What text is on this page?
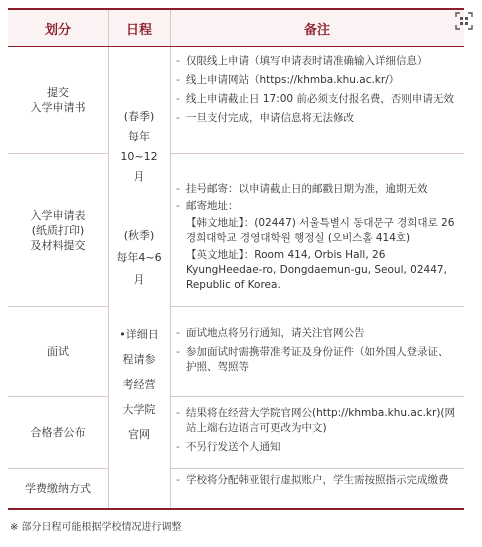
划分	日程	备注
提交
入学申请书
入学申请表
(纸质打印)
及材料提交
面试
合格者公布
学费缴纳方式
(春季)
每年
10~12
月
(秋季)
每年4~6
月
•详细日
程请参
考经营
大学院
官网
- 仅限线上申请（填写申请表时请准确输入详细信息）
- 线上申请网站（https://khmba.khu.ac.kr/）
- 线上申请截止日 17:00 前必须支付报名费，否则申请无效
- 一旦支付完成，申请信息将无法修改
- 挂号邮寄：以申请截止日的邮戳日期为准，逾期无效
- 邮寄地址：
【韩文地址】：(02447) 서울특별시 동대문구 경희대로 26 경희대학교 경영대학원 행정실 (오비스홀 414호)
【英文地址】：Room 414, Orbis Hall, 26 KyungHeedae-ro, Dongdaemun-gu, Seoul, 02447, Republic of Korea.
- 面试地点将另行通知，请关注官网公告
- 参加面试时需携带准考证及身份证件（如外国人登录证、护照、驾照等
- 结果将在经营大学院官网公(http://khmba.khu.ac.kr)(网站上端右边语言可更改为中文)
- 不另行发送个人通知
- 学校将分配韩亚银行虚拟账户，学生需按照指示完成缴费
※ 部分日程可能根据学校情况进行调整
